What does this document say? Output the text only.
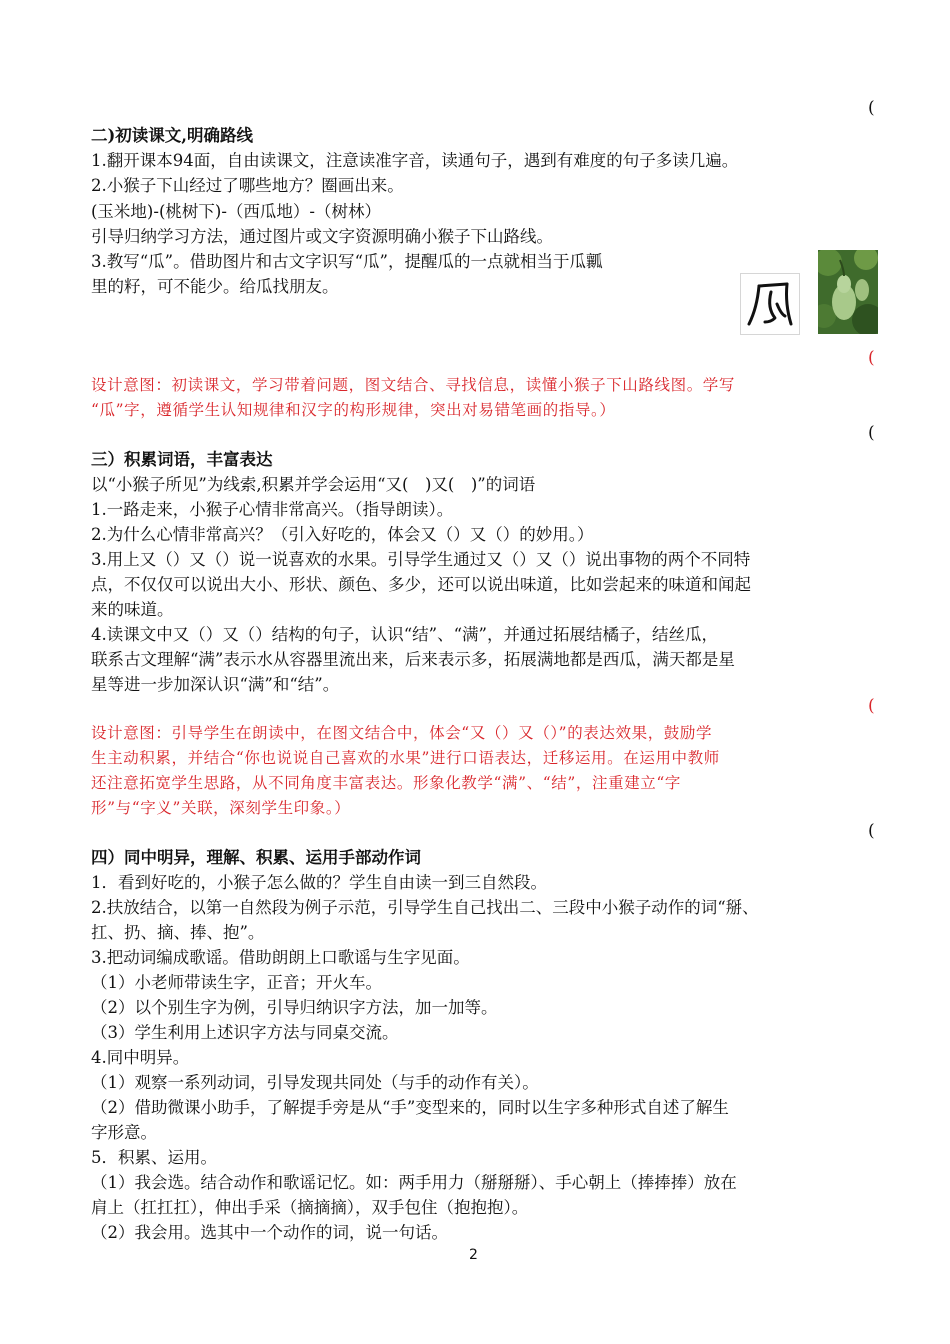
(
(
(
(
(
二)初读课文,明确路线
1.翻开课本94面，自由读课文，注意读准字音，读通句子，遇到有难度的句子多读几遍。
2.小猴子下山经过了哪些地方？圈画出来。
(玉米地)-(桃树下)-（西瓜地）-（树林）
引导归纳学习方法，通过图片或文字资源明确小猴子下山路线。
3.教写“瓜”。借助图片和古文字识写“瓜”，提醒瓜的一点就相当于瓜瓤
里的籽，可不能少。给瓜找朋友。
设计意图：初读课文，学习带着问题，图文结合、寻找信息，读懂小猴子下山路线图。学写
“瓜”字，遵循学生认知规律和汉字的构形规律，突出对易错笔画的指导。）
三）积累词语，丰富表达
以“小猴子所见”为线索,积累并学会运用“又(　)又(　)”的词语
1.一路走来，小猴子心情非常高兴。（指导朗读）。
2.为什么心情非常高兴？（引入好吃的，体会又（）又（）的妙用。）
3.用上又（）又（）说一说喜欢的水果。引导学生通过又（）又（）说出事物的两个不同特
点，不仅仅可以说出大小、形状、颜色、多少，还可以说出味道，比如尝起来的味道和闻起
来的味道。
4.读课文中又（）又（）结构的句子，认识“结”、“满”，并通过拓展结橘子，结丝瓜，
联系古文理解“满”表示水从容器里流出来，后来表示多，拓展满地都是西瓜，满天都是星
星等进一步加深认识“满”和“结”。
设计意图：引导学生在朗读中，在图文结合中，体会“又（）又（）”的表达效果，鼓励学
生主动积累，并结合“你也说说自己喜欢的水果”进行口语表达，迁移运用。在运用中教师
还注意拓宽学生思路，从不同角度丰富表达。形象化教学“满”、“结”，注重建立“字
形”与“字义”关联，深刻学生印象。）
四）同中明异，理解、积累、运用手部动作词
1．看到好吃的，小猴子怎么做的？学生自由读一到三自然段。
2.扶放结合，以第一自然段为例子示范，引导学生自己找出二、三段中小猴子动作的词“掰、
扛、扔、摘、捧、抱”。
3.把动词编成歌谣。借助朗朗上口歌谣与生字见面。
（1）小老师带读生字，正音；开火车。
（2）以个别生字为例，引导归纳识字方法，加一加等。
（3）学生利用上述识字方法与同桌交流。
4.同中明异。
（1）观察一系列动词，引导发现共同处（与手的动作有关）。
（2）借助微课小助手，了解提手旁是从“手”变型来的，同时以生字多种形式自述了解生
字形意。
5．积累、运用。
（1）我会选。结合动作和歌谣记忆。如：两手用力（掰掰掰）、手心朝上（捧捧捧）放在
肩上（扛扛扛），伸出手采（摘摘摘），双手包住（抱抱抱）。
（2）我会用。选其中一个动作的词，说一句话。
2
